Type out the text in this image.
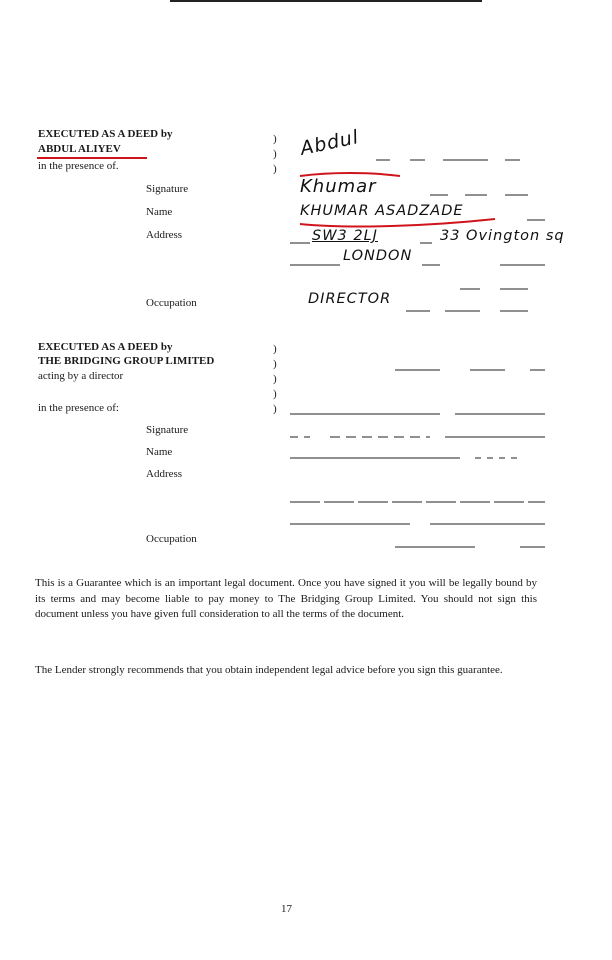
EXECUTED AS A DEED by
ABDUL ALIYEV
in the presence of.
)
)
)
Signature
Name
Address
Occupation
Abdul
Khumar
KHUMAR ASADZADE
SW3 2LJ	33 Ovington sq
LONDON
DIRECTOR
EXECUTED AS A DEED by
THE BRIDGING GROUP LIMITED
acting by a director
in the presence of:
)
)
)
)
)
Signature
Name
Address
Occupation
This is a Guarantee which is an important legal document. Once you have signed it you will be legally bound by its terms and may become liable to pay money to The Bridging Group Limited. You should not sign this document unless you have given full consideration to all the terms of the document.
The Lender strongly recommends that you obtain independent legal advice before you sign this guarantee.
17
